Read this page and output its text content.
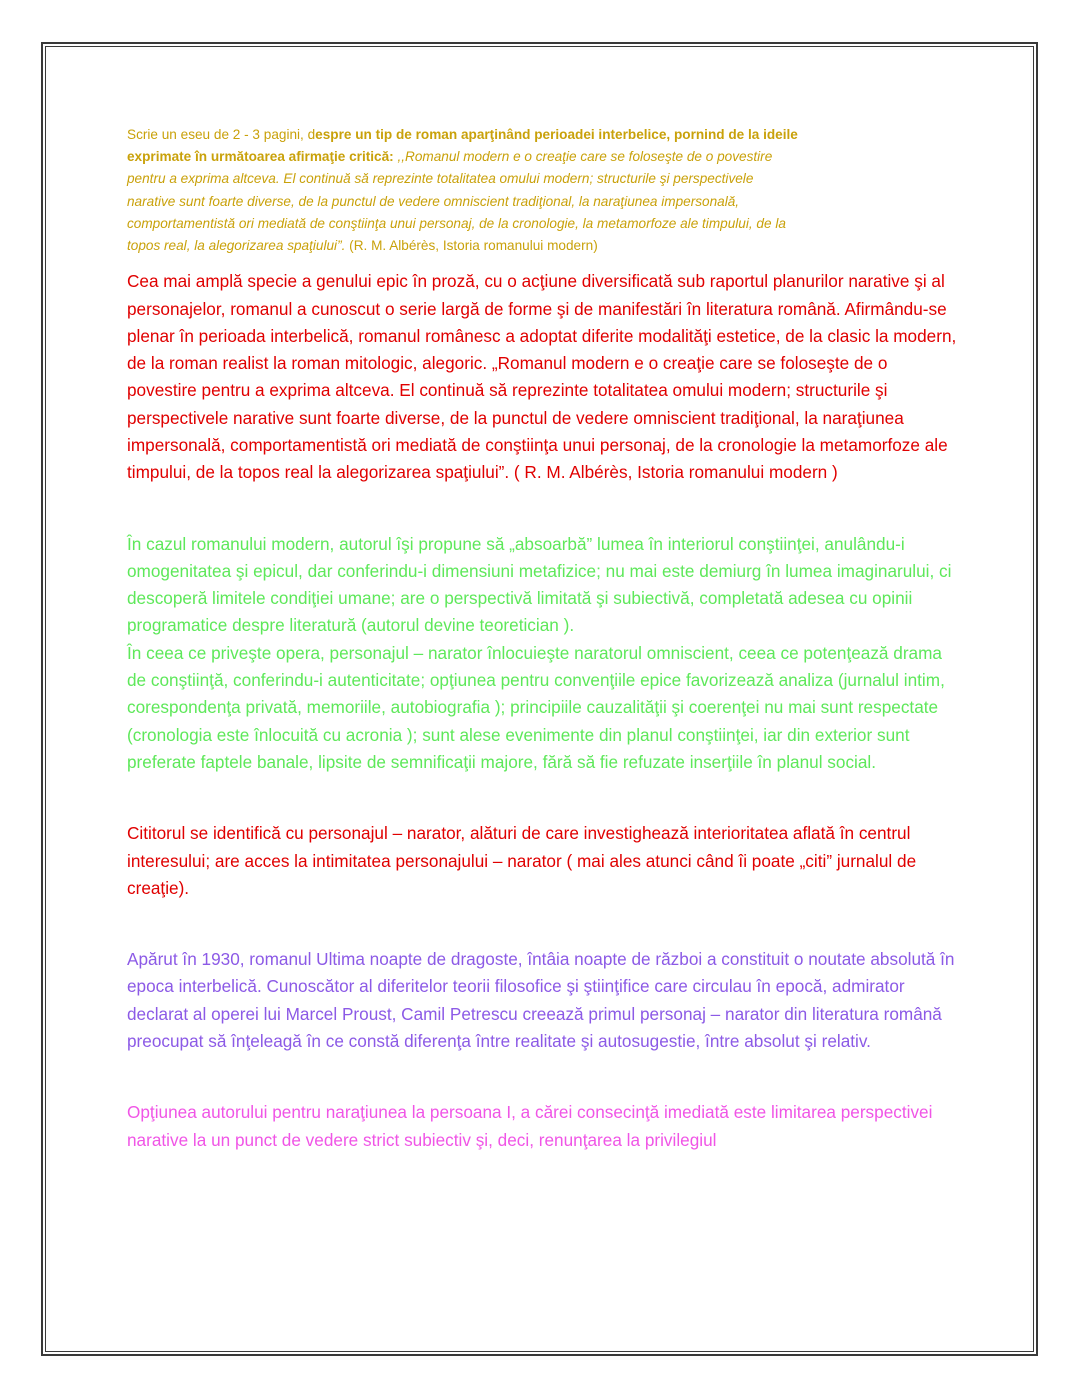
Scrie un eseu de 2 - 3 pagini, despre un tip de roman aparţinând perioadei interbelice, pornind de la ideile exprimate în următoarea afirmaţie critică: ,,Romanul modern e o creaţie care se foloseşte de o povestire pentru a exprima altceva. El continuă să reprezinte totalitatea omului modern; structurile şi perspectivele narative sunt foarte diverse, de la punctul de vedere omniscient tradiţional, la naraţiunea impersonală, comportamentistă ori mediată de conştiinţa unui personaj, de la cronologie, la metamorfoze ale timpului, de la topos real, la alegorizarea spaţiului”. (R. M. Albérès, Istoria romanului modern)

Cea mai amplă specie a genului epic în proză, cu o acţiune diversificată sub raportul planurilor narative şi al personajelor, romanul a cunoscut o serie largă de forme şi de manifestări în literatura română. Afirmându-se plenar în perioada interbelică, romanul românesc a adoptat diferite modalităţi estetice, de la clasic la modern, de la roman realist la roman mitologic, alegoric. „Romanul modern e o creaţie care se foloseşte de o povestire pentru a exprima altceva. El continuă să reprezinte totalitatea omului modern; structurile şi perspectivele narative sunt foarte diverse, de la punctul de vedere omniscient tradiţional, la naraţiunea impersonală, comportamentistă ori mediată de conştiinţa unui personaj, de la cronologie la metamorfoze ale timpului, de la topos real la alegorizarea spaţiului”. ( R. M. Albérès, Istoria romanului modern )

În cazul romanului modern, autorul îşi propune să „absoarbă” lumea în interiorul conştiinţei, anulându-i omogenitatea şi epicul, dar conferindu-i dimensiuni metafizice; nu mai este demiurg în lumea imaginarului, ci descoperă limitele condiţiei umane; are o perspectivă limitată şi subiectivă, completată adesea cu opinii programatice despre literatură (autorul devine teoretician ).

În ceea ce priveşte opera, personajul – narator înlocuieşte naratorul omniscient, ceea ce potenţează drama de conştiinţă, conferindu-i autenticitate; opţiunea pentru convenţiile epice favorizează analiza (jurnalul intim, corespondenţa privată, memoriile, autobiografia ); principiile cauzalităţii şi coerenţei nu mai sunt respectate (cronologia este înlocuită cu acronia ); sunt alese evenimente din planul conştiinţei, iar din exterior sunt preferate faptele banale, lipsite de semnificaţii majore, fără să fie refuzate inserţiile în planul social.

Cititorul se identifică cu personajul – narator, alături de care investighează interioritatea aflată în centrul interesului; are acces la intimitatea personajului – narator ( mai ales atunci când îi poate „citi” jurnalul de creaţie).

Apărut în 1930, romanul Ultima noapte de dragoste, întâia noapte de război a constituit o noutate absolută în epoca interbelică. Cunoscător al diferitelor teorii filosofice şi ştiinţifice care circulau în epocă, admirator declarat al operei lui Marcel Proust, Camil Petrescu creează primul personaj – narator din literatura română preocupat să înţeleagă în ce constă diferenţa între realitate şi autosugestie, între absolut şi relativ.

Opţiunea autorului pentru naraţiunea la persoana I, a cărei consecinţă imediată este limitarea perspectivei narative la un punct de vedere strict subiectiv şi, deci, renunţarea la privilegiul
